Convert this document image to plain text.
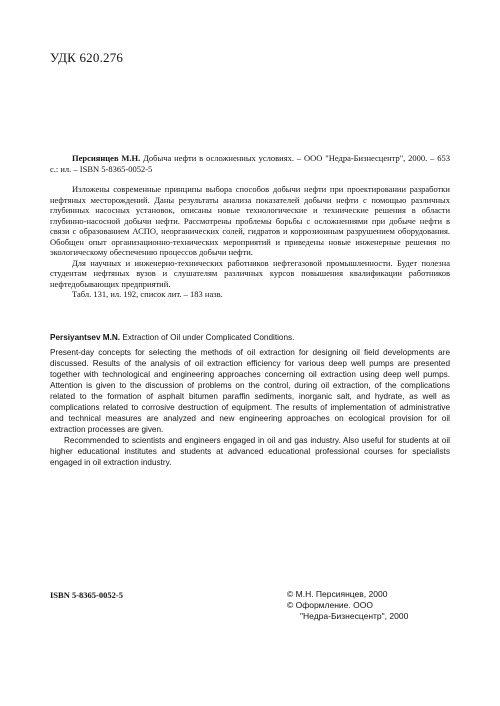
УДК 620.276

Персиянцев М.Н. Добыча нефти в осложненных условиях. – ООО "Недра-Бизнесцентр", 2000. – 653 с.: ил. – ISBN 5-8365-0052-5

Изложены современные принципы выбора способов добычи нефти при проектировании разработки нефтяных месторождений. Даны результаты анализа показателей добычи нефти с помощью различных глубинных насосных установок, описаны новые технологические и технические решения в области глубинно-насосной добычи нефти. Рассмотрены проблемы борьбы с осложнениями при добыче нефти в связи с образованием АСПО, неорганических солей, гидратов и коррозионным разрушением оборудования. Обобщен опыт организационно-технических мероприятий и приведены новые инженерные решения по экологическому обеспечению процессов добычи нефти.

Для научных и инженерно-технических работников нефтегазовой промышленности. Будет полезна студентам нефтяных вузов и слушателям различных курсов повышения квалификации работников нефтедобывающих предприятий.

Табл. 131, ил. 192, список лит. – 183 назв.

Persiyantsev M.N. Extraction of Oil under Complicated Conditions.

Present-day concepts for selecting the methods of oil extraction for designing oil field developments are discussed. Results of the analysis of oil extraction efficiency for various deep well pumps are presented together with technological and engineering approaches concerning oil extraction using deep well pumps. Attention is given to the discussion of problems on the control, during oil extraction, of the complications related to the formation of asphalt bitumen paraffin sediments, inorganic salt, and hydrate, as well as complications related to corrosive destruction of equipment. The results of implementation of administrative and technical measures are analyzed and new engineering approaches on ecological provision for oil extraction processes are given.

Recommended to scientists and engineers engaged in oil and gas industry. Also useful for students at oil higher educational institutes and students at advanced educational professional courses for specialists engaged in oil extraction industry.

ISBN 5-8365-0052-5	© М.Н. Персиянцев, 2000
© Оформление. ООО
"Недра-Бизнесцентр", 2000
